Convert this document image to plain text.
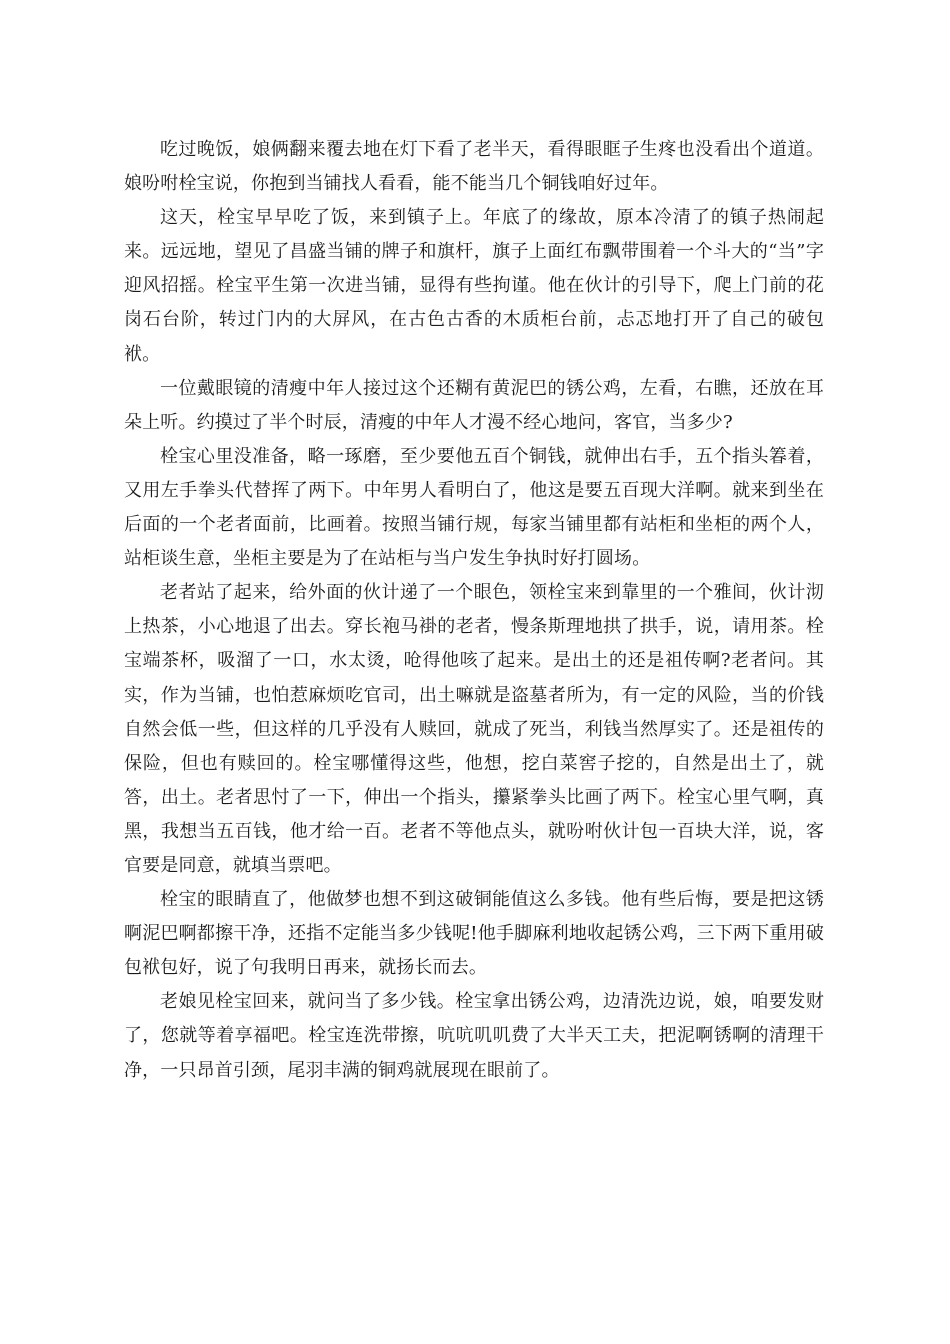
吃过晚饭，娘俩翻来覆去地在灯下看了老半天，看得眼眶子生疼也没看出个道道。娘吩咐栓宝说，你抱到当铺找人看看，能不能当几个铜钱咱好过年。

这天，栓宝早早吃了饭，来到镇子上。年底了的缘故，原本冷清了的镇子热闹起来。远远地，望见了昌盛当铺的牌子和旗杆，旗子上面红布飘带围着一个斗大的“当”字迎风招摇。栓宝平生第一次进当铺，显得有些拘谨。他在伙计的引导下，爬上门前的花岗石台阶，转过门内的大屏风，在古色古香的木质柜台前，忐忑地打开了自己的破包袱。

一位戴眼镜的清瘦中年人接过这个还糊有黄泥巴的锈公鸡，左看，右瞧，还放在耳朵上听。约摸过了半个时辰，清瘦的中年人才漫不经心地问，客官，当多少?

栓宝心里没准备，略一琢磨，至少要他五百个铜钱，就伸出右手，五个指头箺着，又用左手拳头代替挥了两下。中年男人看明白了，他这是要五百现大洋啊。就来到坐在后面的一个老者面前，比画着。按照当铺行规，每家当铺里都有站柜和坐柜的两个人，站柜谈生意，坐柜主要是为了在站柜与当户发生争执时好打圆场。

老者站了起来，给外面的伙计递了一个眼色，领栓宝来到靠里的一个雅间，伙计沏上热茶，小心地退了出去。穿长袍马褂的老者，慢条斯理地拱了拱手，说，请用茶。栓宝端茶杯，吸溜了一口，水太烫，呛得他咳了起来。是出土的还是祖传啊?老者问。其实，作为当铺，也怕惹麻烦吃官司，出土嘛就是盗墓者所为，有一定的风险，当的价钱自然会低一些，但这样的几乎没有人赎回，就成了死当，利钱当然厚实了。还是祖传的保险，但也有赎回的。栓宝哪懂得这些，他想，挖白菜窖子挖的，自然是出土了，就答，出土。老者思忖了一下，伸出一个指头，攥紧拳头比画了两下。栓宝心里气啊，真黑，我想当五百钱，他才给一百。老者不等他点头，就吩咐伙计包一百块大洋，说，客官要是同意，就填当票吧。

栓宝的眼睛直了，他做梦也想不到这破铜能值这么多钱。他有些后悔，要是把这锈啊泥巴啊都擦干净，还指不定能当多少钱呢!他手脚麻利地收起锈公鸡，三下两下重用破包袱包好，说了句我明日再来，就扬长而去。

老娘见栓宝回来，就问当了多少钱。栓宝拿出锈公鸡，边清洗边说，娘，咱要发财了，您就等着享福吧。栓宝连洗带擦，吭吭叽叽费了大半天工夫，把泥啊锈啊的清理干净，一只昂首引颈，尾羽丰满的铜鸡就展现在眼前了。
